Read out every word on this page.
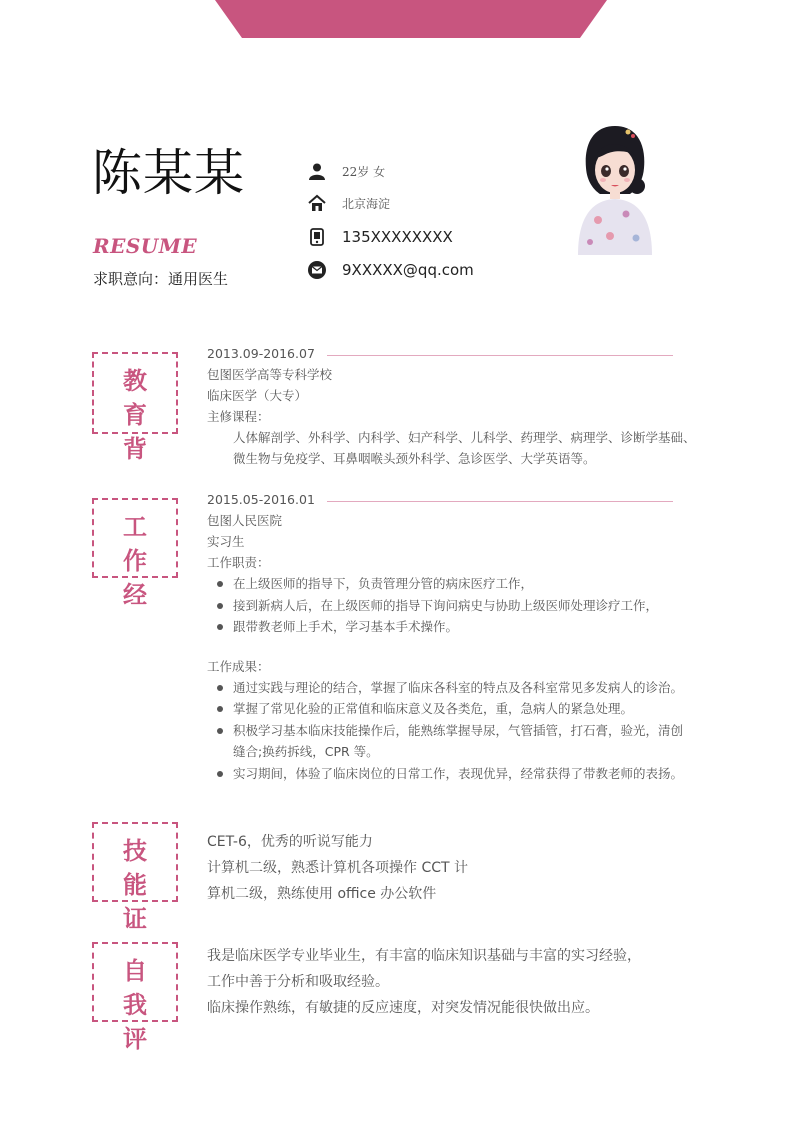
陈某某
RESUME
求职意向：通用医生
22岁 女
北京海淀
135XXXXXXXX
9XXXXX@qq.com
教
育
背
2013.09-2016.07
包图医学高等专科学校
临床医学（大专）
主修课程：
人体解剖学、外科学、内科学、妇产科学、儿科学、药理学、病理学、诊断学基础、
微生物与免疫学、耳鼻咽喉头颈外科学、急诊医学、大学英语等。
工
作
经
2015.05-2016.01
包图人民医院
实习生
工作职责：
在上级医师的指导下，负责管理分管的病床医疗工作，
接到新病人后，在上级医师的指导下询问病史与协助上级医师处理诊疗工作，
跟带教老师上手术，学习基本手术操作。
工作成果：
通过实践与理论的结合，掌握了临床各科室的特点及各科室常见多发病人的诊治。
掌握了常见化验的正常值和临床意义及各类危，重，急病人的紧急处理。
积极学习基本临床技能操作后，能熟练掌握导尿，气管插管，打石膏，验光，清创
缝合;换药拆线，CPR 等。
实习期间，体验了临床岗位的日常工作，表现优异，经常获得了带教老师的表扬。
技
能
证
CET-6，优秀的听说写能力
计算机二级，熟悉计算机各项操作 CCT 计
算机二级，熟练使用 office 办公软件
自
我
评
我是临床医学专业毕业生，有丰富的临床知识基础与丰富的实习经验，
工作中善于分析和吸取经验。
临床操作熟练，有敏捷的反应速度，对突发情况能很快做出应。
